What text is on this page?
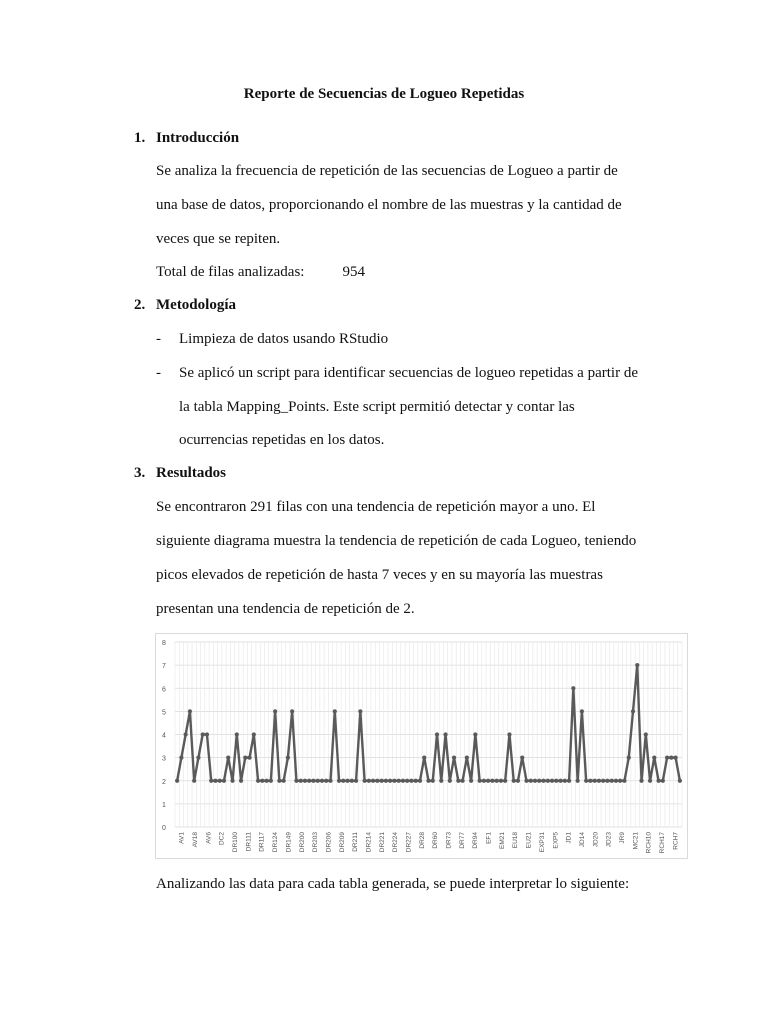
Reporte de Secuencias de Logueo Repetidas
1. Introducción
Se analiza la frecuencia de repetición de las secuencias de Logueo a partir de
una base de datos, proporcionando el nombre de las muestras y la cantidad de
veces que se repiten.
Total de filas analizadas:	954
2. Metodología
- Limpieza de datos usando RStudio
- Se aplicó un script para identificar secuencias de logueo repetidas a partir de
la tabla Mapping_Points. Este script permitió detectar y contar las
ocurrencias repetidas en los datos.
3. Resultados
Se encontraron 291 filas con una tendencia de repetición mayor a uno. El
siguiente diagrama muestra la tendencia de repetición de cada Logueo, teniendo
picos elevados de repetición de hasta 7 veces y en su mayoría las muestras
presentan una tendencia de repetición de 2.
0
1
2
3
4
5
6
7
8
AV1 AV18 AV6 DC2 DR100 DR111 DR117 DR124 DR149 DR200 DR203 DR206 DR209 DR211 DR214 DR221 DR224 DR227 DR28 DR60 DR73 DR77 DR94 EF1 EM21 EU18 EU21 EXP31 EXP5 JD1 JD14 JD20 JD23 JR9 MC21 RCH10 RCH17 RCH7
Analizando las data para cada tabla generada, se puede interpretar lo siguiente:
